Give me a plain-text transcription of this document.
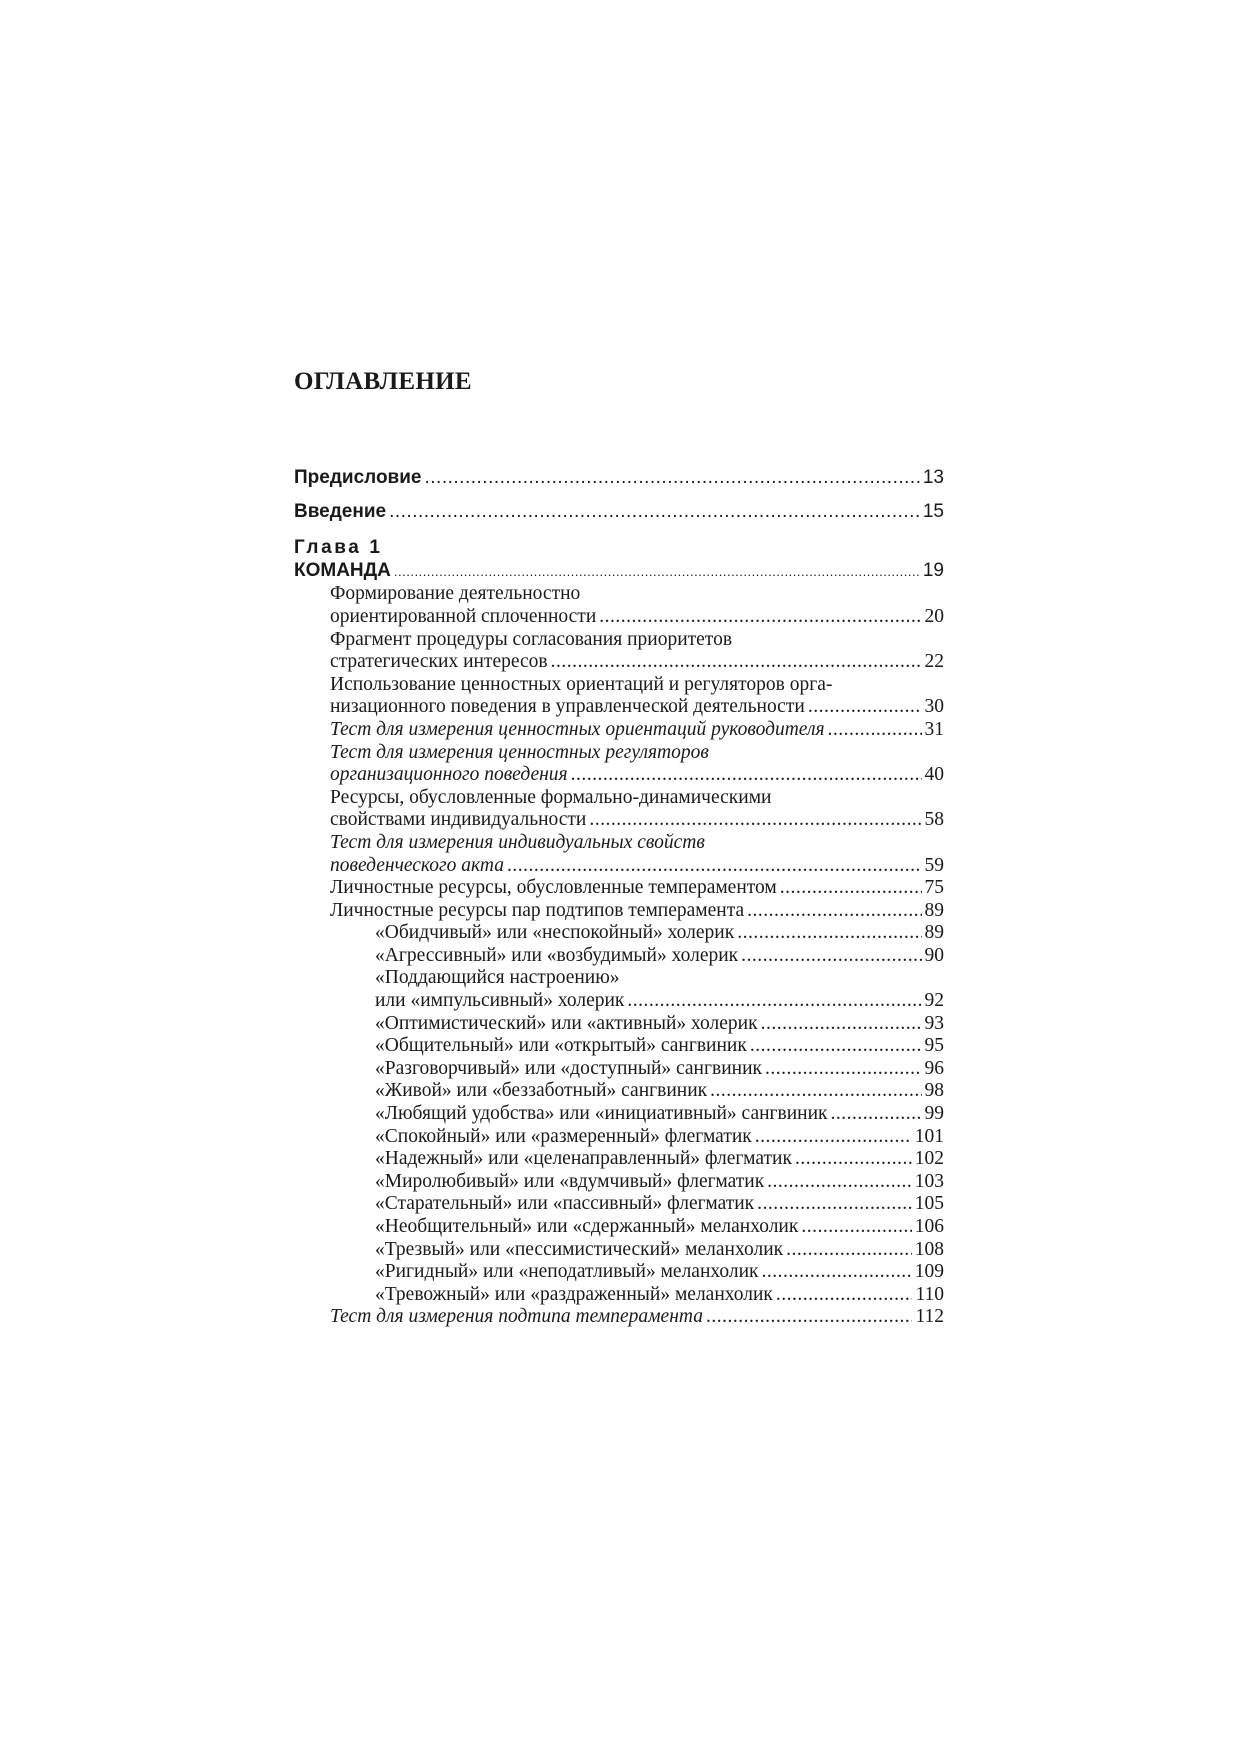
ОГЛАВЛЕНИЕ
Предисловие .....	13
Введение .....	15
Глава 1
КОМАНДА .....	19
Формирование деятельностно
ориентированной сплоченности .....	20
Фрагмент процедуры согласования приоритетов
стратегических интересов .....	22
Использование ценностных ориентаций и регуляторов орга-
низационного поведения в управленческой деятельности .....	30
Тест для измерения ценностных ориентаций руководителя .....	31
Тест для измерения ценностных регуляторов
организационного поведения .....	40
Ресурсы, обусловленные формально-динамическими
свойствами индивидуальности .....	58
Тест для измерения индивидуальных свойств
поведенческого акта .....	59
Личностные ресурсы, обусловленные темпераментом .....	75
Личностные ресурсы пар подтипов темперамента .....	89
«Обидчивый» или «неспокойный» холерик .....	89
«Агрессивный» или «возбудимый» холерик .....	90
«Поддающийся настроению»
или «импульсивный» холерик .....	92
«Оптимистический» или «активный» холерик .....	93
«Общительный» или «открытый» сангвиник .....	95
«Разговорчивый» или «доступный» сангвиник .....	96
«Живой» или «беззаботный» сангвиник .....	98
«Любящий удобства» или «инициативный» сангвиник .....	99
«Спокойный» или «размеренный» флегматик .....	101
«Надежный» или «целенаправленный» флегматик .....	102
«Миролюбивый» или «вдумчивый» флегматик .....	103
«Старательный» или «пассивный» флегматик .....	105
«Необщительный» или «сдержанный» меланхолик .....	106
«Трезвый» или «пессимистический» меланхолик .....	108
«Ригидный» или «неподатливый» меланхолик .....	109
«Тревожный» или «раздраженный» меланхолик .....	110
Тест для измерения подтипа темперамента .....	112
